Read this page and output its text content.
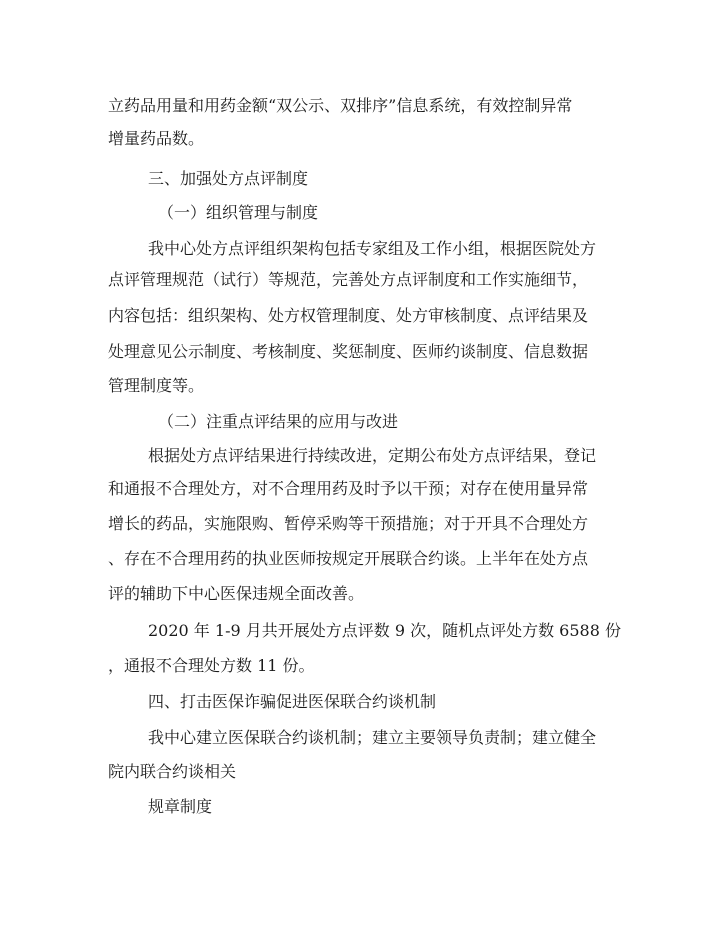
立药品用量和用药金额“双公示、双排序”信息系统，有效控制异常
增量药品数。
三、加强处方点评制度
（一）组织管理与制度
我中心处方点评组织架构包括专家组及工作小组，根据医院处方
点评管理规范（试行）等规范，完善处方点评制度和工作实施细节，
内容包括：组织架构、处方权管理制度、处方审核制度、点评结果及
处理意见公示制度、考核制度、奖惩制度、医师约谈制度、信息数据
管理制度等。
（二）注重点评结果的应用与改进
根据处方点评结果进行持续改进，定期公布处方点评结果，登记
和通报不合理处方，对不合理用药及时予以干预；对存在使用量异常
增长的药品，实施限购、暂停采购等干预措施；对于开具不合理处方
、存在不合理用药的执业医师按规定开展联合约谈。上半年在处方点
评的辅助下中心医保违规全面改善。
2020 年 1-9 月共开展处方点评数 9 次，随机点评处方数 6588 份
，通报不合理处方数 11 份。
四、打击医保诈骗促进医保联合约谈机制
我中心建立医保联合约谈机制；建立主要领导负责制；建立健全
院内联合约谈相关
规章制度
